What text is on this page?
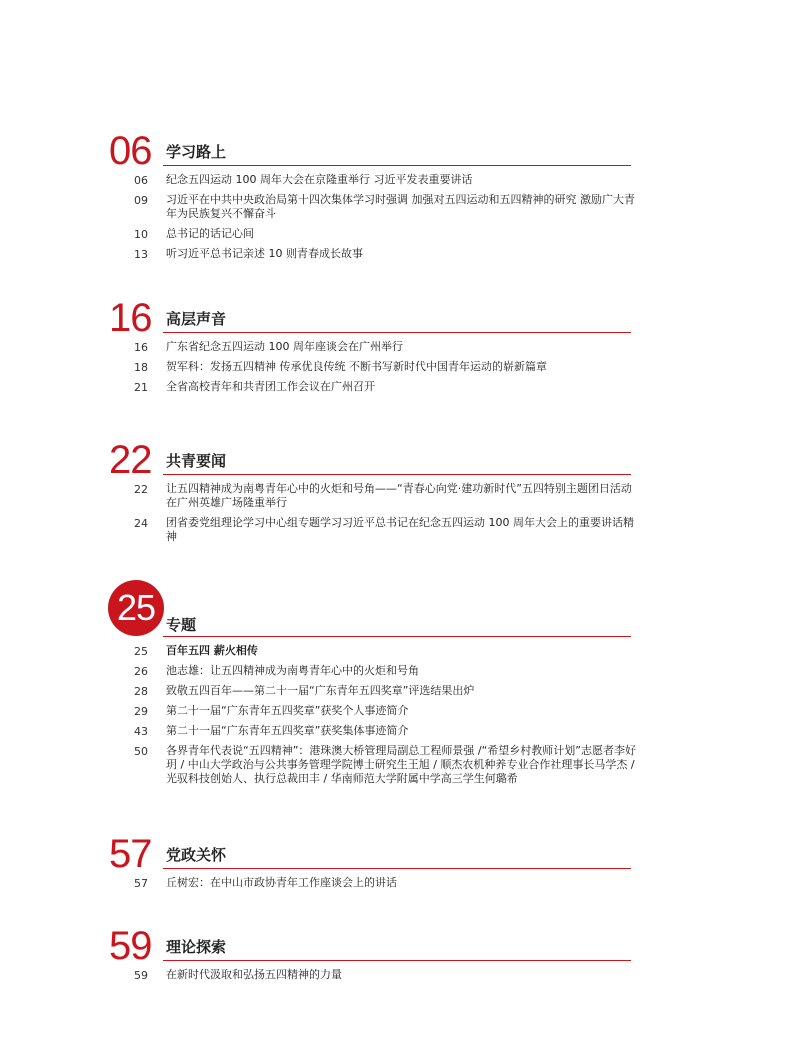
06 学习路上
06 纪念五四运动 100 周年大会在京隆重举行 习近平发表重要讲话
09 习近平在中共中央政治局第十四次集体学习时强调 加强对五四运动和五四精神的研究 激励广大青年为民族复兴不懈奋斗
10 总书记的话记心间
13 听习近平总书记亲述 10 则青春成长故事
16 高层声音
16 广东省纪念五四运动 100 周年座谈会在广州举行
18 贺军科：发扬五四精神 传承优良传统 不断书写新时代中国青年运动的崭新篇章
21 全省高校青年和共青团工作会议在广州召开
22 共青要闻
22 让五四精神成为南粤青年心中的火炬和号角——“青春心向党·建功新时代”五四特别主题团日活动在广州英雄广场隆重举行
24 团省委党组理论学习中心组专题学习习近平总书记在纪念五四运动 100 周年大会上的重要讲话精神
25 专题
25 百年五四 薪火相传
26 池志雄：让五四精神成为南粤青年心中的火炬和号角
28 致敬五四百年——第二十一届“广东青年五四奖章”评选结果出炉
29 第二十一届“广东青年五四奖章”获奖个人事迹简介
43 第二十一届“广东青年五四奖章”获奖集体事迹简介
50 各界青年代表说“五四精神”：港珠澳大桥管理局副总工程师景强 /“希望乡村教师计划”志愿者李好玥 / 中山大学政治与公共事务管理学院博士研究生王旭 / 顺杰农机种养专业合作社理事长马学杰 / 光驭科技创始人、执行总裁田丰 / 华南师范大学附属中学高三学生何璐希
57 党政关怀
57 丘树宏：在中山市政协青年工作座谈会上的讲话
59 理论探索
59 在新时代汲取和弘扬五四精神的力量
